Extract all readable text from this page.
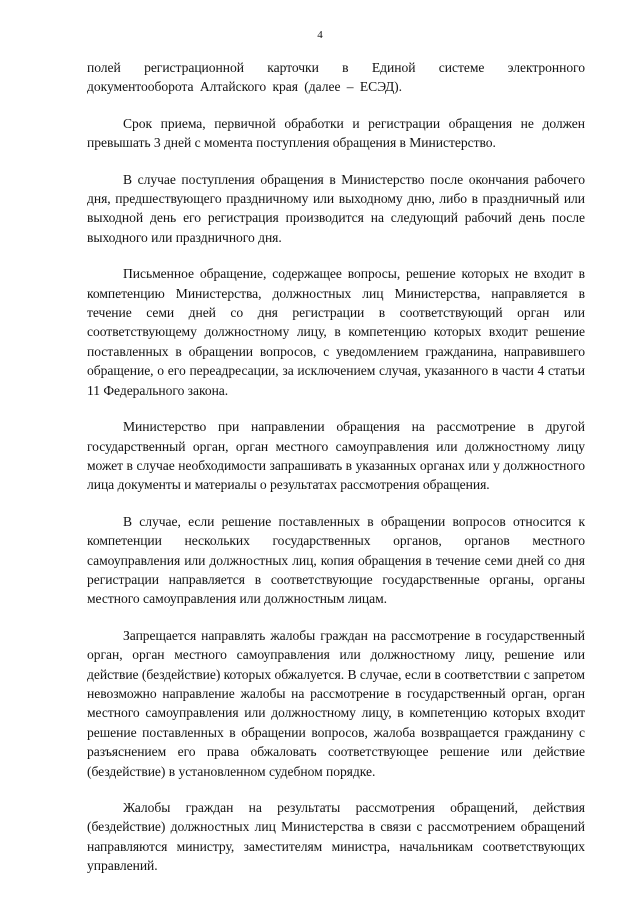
4

полей регистрационной карточки в Единой системе электронного документооборота Алтайского края (далее – ЕСЭД).

Срок приема, первичной обработки и регистрации обращения не должен превышать 3 дней с момента поступления обращения в Министерство.

В случае поступления обращения в Министерство после окончания рабочего дня, предшествующего праздничному или выходному дню, либо в праздничный или выходной день его регистрация производится на следующий рабочий день после выходного или праздничного дня.

Письменное обращение, содержащее вопросы, решение которых не входит в компетенцию Министерства, должностных лиц Министерства, направляется в течение семи дней со дня регистрации в соответствующий орган или соответствующему должностному лицу, в компетенцию которых входит решение поставленных в обращении вопросов, с уведомлением гражданина, направившего обращение, о его переадресации, за исключением случая, указанного в части 4 статьи 11 Федерального закона.

Министерство при направлении обращения на рассмотрение в другой государственный орган, орган местного самоуправления или должностному лицу может в случае необходимости запрашивать в указанных органах или у должностного лица документы и материалы о результатах рассмотрения обращения.

В случае, если решение поставленных в обращении вопросов относится к компетенции нескольких государственных органов, органов местного самоуправления или должностных лиц, копия обращения в течение семи дней со дня регистрации направляется в соответствующие государственные органы, органы местного самоуправления или должностным лицам.

Запрещается направлять жалобы граждан на рассмотрение в государственный орган, орган местного самоуправления или должностному лицу, решение или действие (бездействие) которых обжалуется. В случае, если в соответствии с запретом невозможно направление жалобы на рассмотрение в государственный орган, орган местного самоуправления или должностному лицу, в компетенцию которых входит решение поставленных в обращении вопросов, жалоба возвращается гражданину с разъяснением его права обжаловать соответствующее решение или действие (бездействие) в установленном судебном порядке.

Жалобы граждан на результаты рассмотрения обращений, действия (бездействие) должностных лиц Министерства в связи с рассмотрением обращений направляются министру, заместителям министра, начальникам соответствующих управлений.
